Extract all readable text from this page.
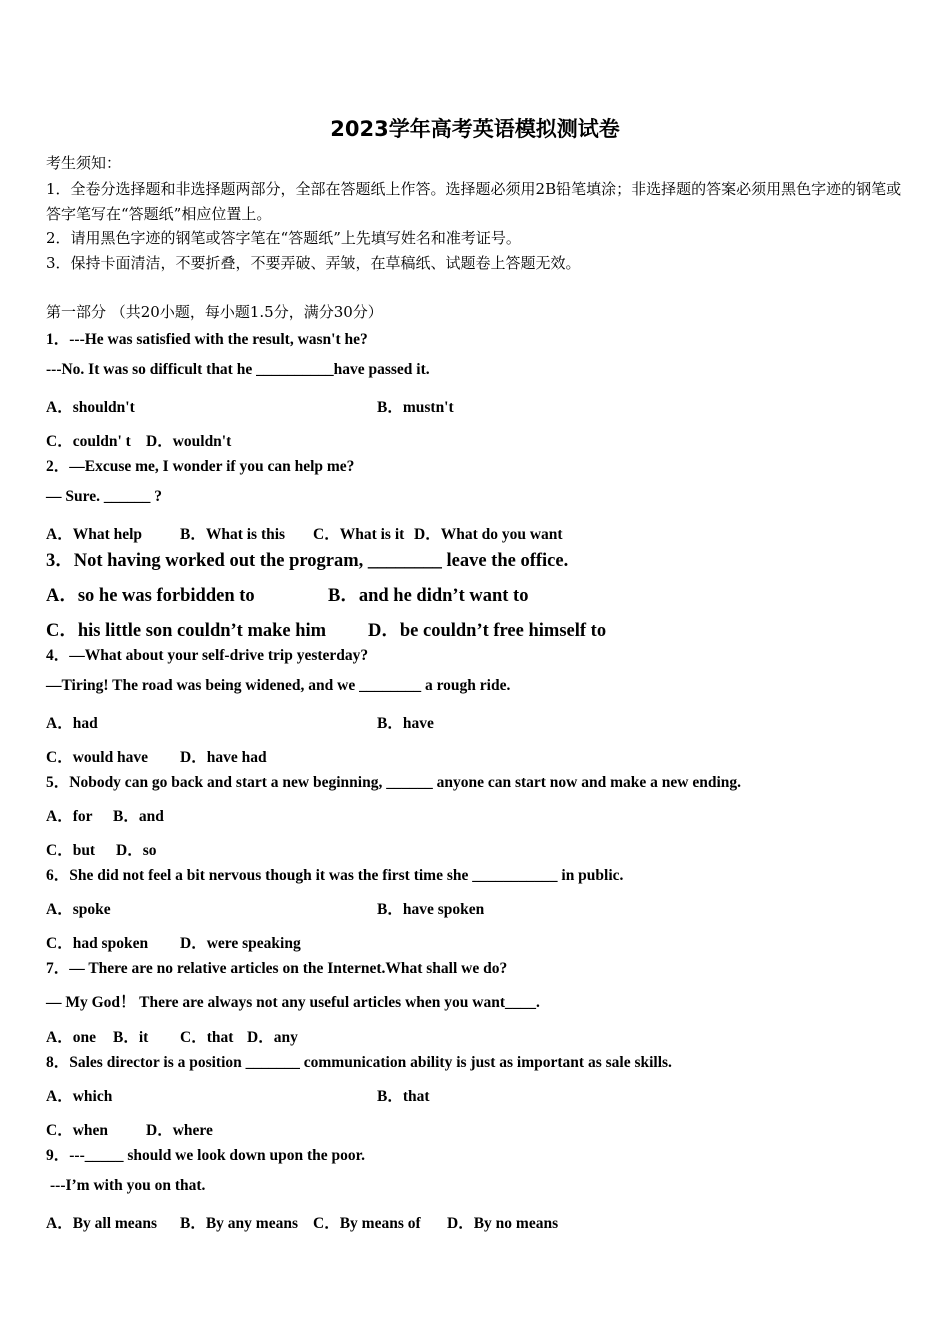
2023学年高考英语模拟测试卷
考生须知：
1．全卷分选择题和非选择题两部分，全部在答题纸上作答。选择题必须用2B铅笔填涂；非选择题的答案必须用黑色字迹的钢笔或答字笔写在“答题纸”相应位置上。
2．请用黑色字迹的钢笔或答字笔在“答题纸”上先填写姓名和准考证号。
3．保持卡面清洁，不要折叠，不要弄破、弄皱，在草稿纸、试题卷上答题无效。
第一部分 （共20小题，每小题1.5分，满分30分）
1．---He was satisfied with the result, wasn't he?
---No. It was so difficult that he __________have passed it.
A．shouldn't	B．mustn't
C．couldn' t D．wouldn't
2．—Excuse me, I wonder if you can help me?
— Sure. ______ ?
A．What help B．What is this C．What is it D．What do you want
3．Not having worked out the program, ________ leave the office.
A．so he was forbidden to	B．and he didn’t want to
C．his little son couldn’t make him D．be couldn’t free himself to
4．—What about your self-drive trip yesterday?
—Tiring! The road was being widened, and we ________ a rough ride.
A．had	B．have
C．would have D．have had
5．Nobody can go back and start a new beginning, ______ anyone can start now and make a new ending.
A．for B．and
C．but D．so
6．She did not feel a bit nervous though it was the first time she ___________ in public.
A．spoke	B．have spoken
C．had spoken D．were speaking
7．— There are no relative articles on the Internet.What shall we do?
— My God！ There are always not any useful articles when you want____.
A．one B．it C．that D．any
8．Sales director is a position _______ communication ability is just as important as sale skills.
A．which	B．that
C．when D．where
9．---_____ should we look down upon the poor.
---I’m with you on that.
A．By all means B．By any means C．By means of D．By no means
